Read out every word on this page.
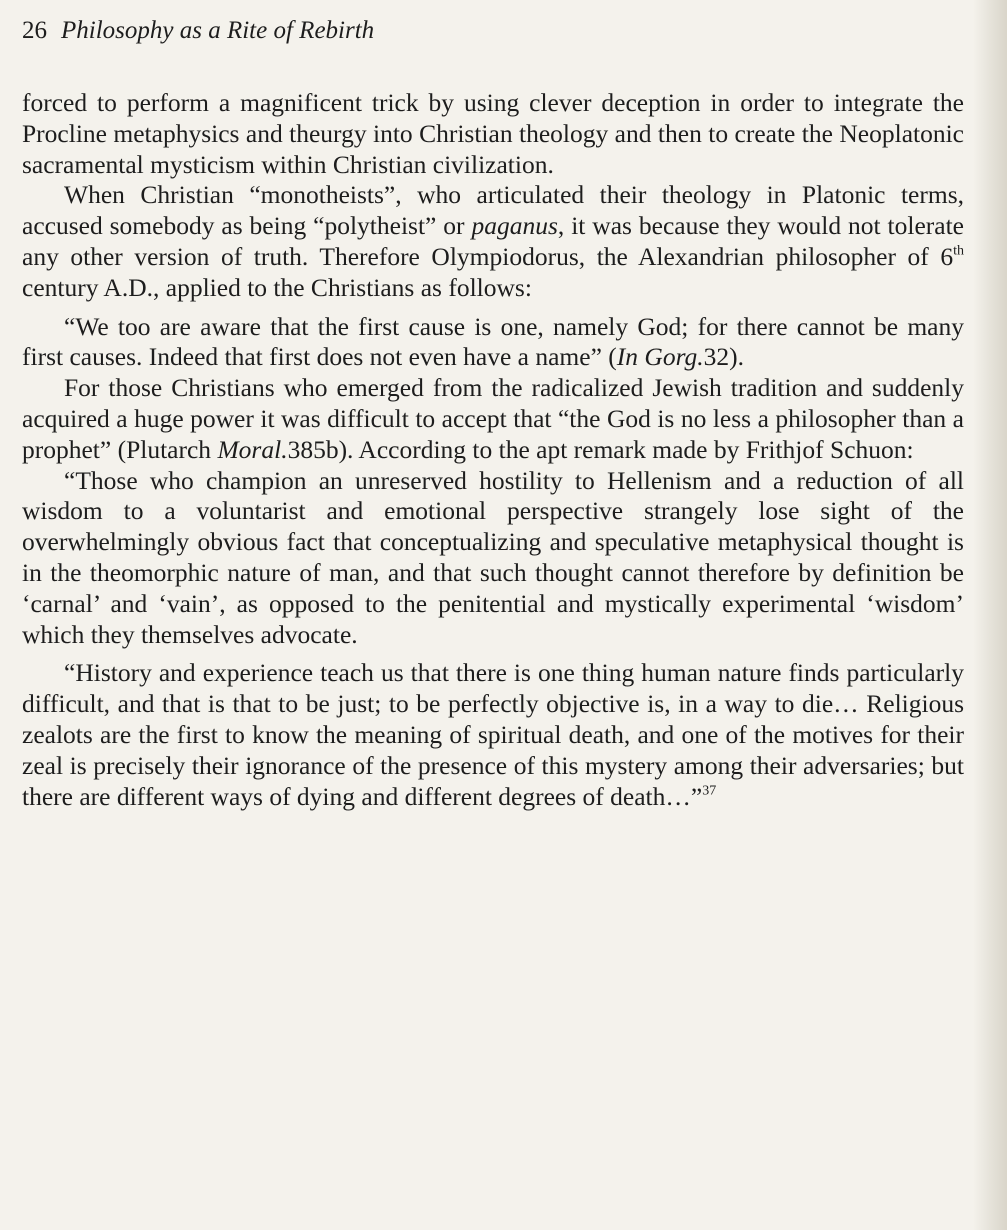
26 Philosophy as a Rite of Rebirth

forced to perform a magnificent trick by using clever deception in order to integrate the Procline metaphysics and theurgy into Christian theology and then to create the Neoplatonic sacramental mysticism within Christian civilization.

When Christian “monotheists”, who articulated their theology in Platonic terms, accused somebody as being “polytheist” or paganus, it was because they would not tolerate any other version of truth. Therefore Olympiodorus, the Alexandrian philosopher of 6th century A.D., applied to the Christians as follows:

“We too are aware that the first cause is one, namely God; for there cannot be many first causes. Indeed that first does not even have a name” (In Gorg.32).

For those Christians who emerged from the radicalized Jewish tradition and suddenly acquired a huge power it was difficult to accept that “the God is no less a philosopher than a prophet” (Plutarch Moral.385b). According to the apt remark made by Frithjof Schuon:

“Those who champion an unreserved hostility to Hellenism and a reduction of all wisdom to a voluntarist and emotional perspective strangely lose sight of the overwhelmingly obvious fact that conceptualizing and speculative metaphysical thought is in the theomorphic nature of man, and that such thought cannot therefore by definition be ‘carnal’ and ‘vain’, as opposed to the penitential and mystically experimental ‘wisdom’ which they themselves advocate.

“History and experience teach us that there is one thing human nature finds particularly difficult, and that is that to be just; to be perfectly objective is, in a way to die… Religious zealots are the first to know the meaning of spiritual death, and one of the motives for their zeal is precisely their ignorance of the presence of this mystery among their adversaries; but there are different ways of dying and different degrees of death…”$^{37}$
